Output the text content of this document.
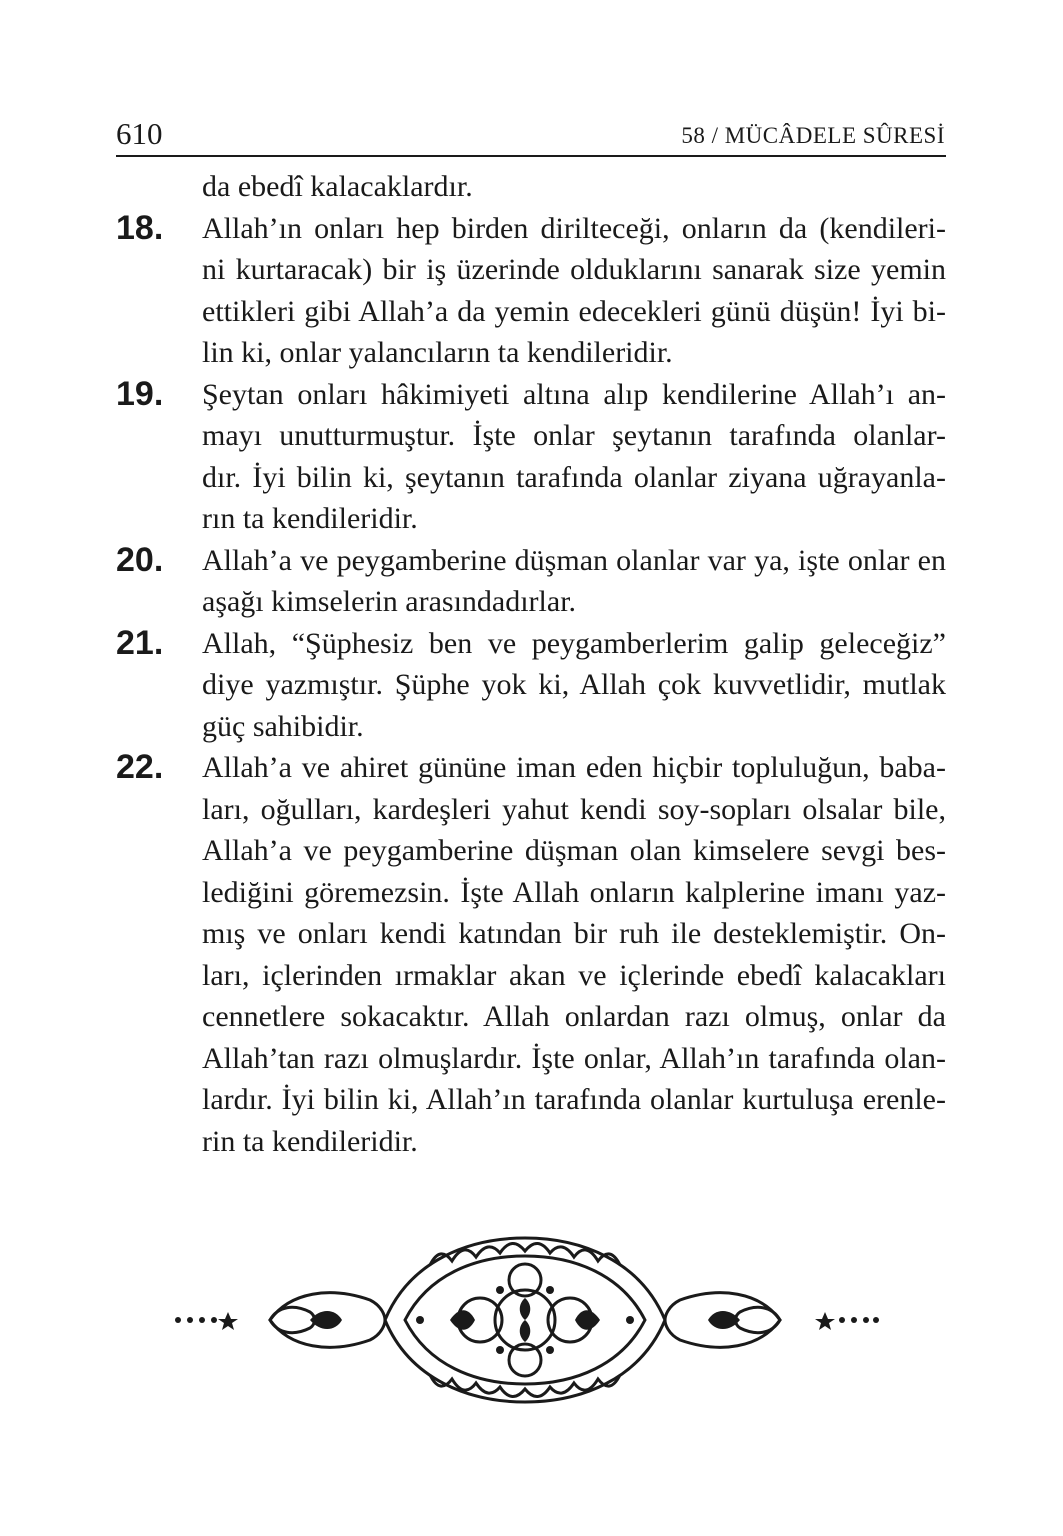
610	58 / MÜCÂDELE SÛRESİ
da ebedî kalacaklardır.
18. Allah’ın onları hep birden dirilteceği, onların da (kendileri-
ni kurtaracak) bir iş üzerinde olduklarını sanarak size yemin
ettikleri gibi Allah’a da yemin edecekleri günü düşün! İyi bi-
lin ki, onlar yalancıların ta kendileridir.
19. Şeytan onları hâkimiyeti altına alıp kendilerine Allah’ı an-
mayı unutturmuştur. İşte onlar şeytanın tarafında olanlar-
dır. İyi bilin ki, şeytanın tarafında olanlar ziyana uğrayanla-
rın ta kendileridir.
20. Allah’a ve peygamberine düşman olanlar var ya, işte onlar en
aşağı kimselerin arasındadırlar.
21. Allah, “Şüphesiz ben ve peygamberlerim galip geleceğiz”
diye yazmıştır. Şüphe yok ki, Allah çok kuvvetlidir, mutlak
güç sahibidir.
22. Allah’a ve ahiret gününe iman eden hiçbir topluluğun, baba-
ları, oğulları, kardeşleri yahut kendi soy-sopları olsalar bile,
Allah’a ve peygamberine düşman olan kimselere sevgi bes-
lediğini göremezsin. İşte Allah onların kalplerine imanı yaz-
mış ve onları kendi katından bir ruh ile desteklemiştir. On-
ları, içlerinden ırmaklar akan ve içlerinde ebedî kalacakları
cennetlere sokacaktır. Allah onlardan razı olmuş, onlar da
Allah’tan razı olmuşlardır. İşte onlar, Allah’ın tarafında olan-
lardır. İyi bilin ki, Allah’ın tarafında olanlar kurtuluşa erenle-
rin ta kendileridir.
